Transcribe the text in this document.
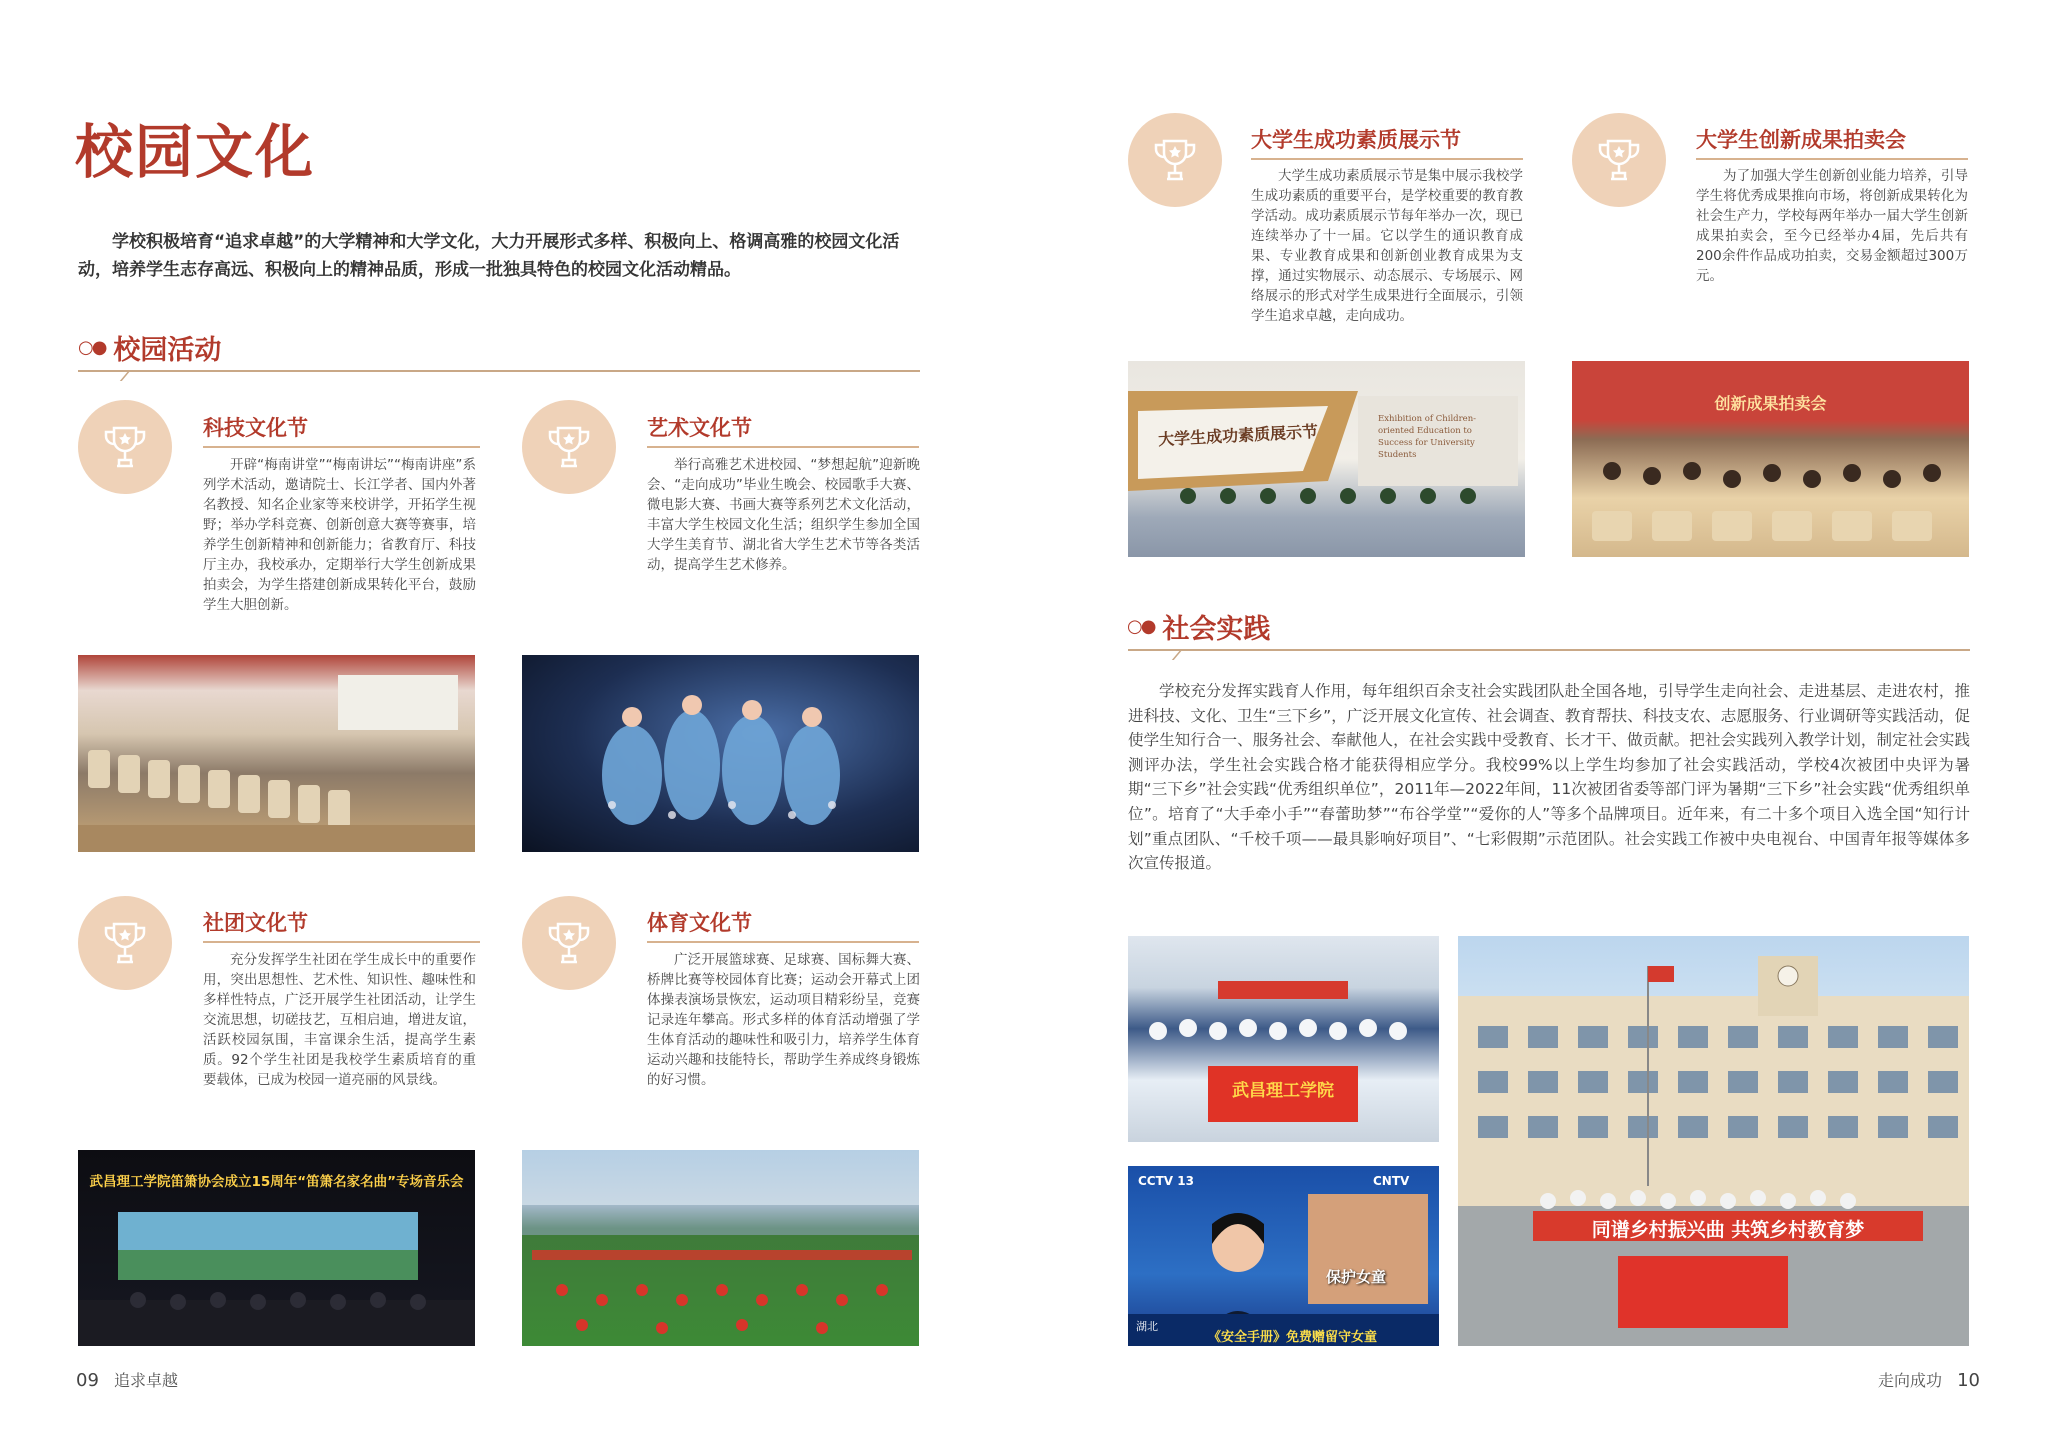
校园文化
学校积极培育“追求卓越”的大学精神和大学文化，大力开展形式多样、积极向上、格调高雅的校园文化活动，培养学生志存高远、积极向上的精神品质，形成一批独具特色的校园文化活动精品。
○● 校园活动
科技文化节
开辟“梅南讲堂”“梅南讲坛”“梅南讲座”系列学术活动，邀请院士、长江学者、国内外著名教授、知名企业家等来校讲学，开拓学生视野；举办学科竞赛、创新创意大赛等赛事，培养学生创新精神和创新能力；省教育厅、科技厅主办，我校承办，定期举行大学生创新成果拍卖会，为学生搭建创新成果转化平台，鼓励学生大胆创新。
艺术文化节
举行高雅艺术进校园、“梦想起航”迎新晚会、“走向成功”毕业生晚会、校园歌手大赛、微电影大赛、书画大赛等系列艺术文化活动，丰富大学生校园文化生活；组织学生参加全国大学生美育节、湖北省大学生艺术节等各类活动，提高学生艺术修养。
社团文化节
充分发挥学生社团在学生成长中的重要作用，突出思想性、艺术性、知识性、趣味性和多样性特点，广泛开展学生社团活动，让学生交流思想，切磋技艺，互相启迪，增进友谊，活跃校园氛围，丰富课余生活，提高学生素质。92个学生社团是我校学生素质培育的重要载体，已成为校园一道亮丽的风景线。
体育文化节
广泛开展篮球赛、足球赛、国标舞大赛、桥牌比赛等校园体育比赛；运动会开幕式上团体操表演场景恢宏，运动项目精彩纷呈，竞赛记录连年攀高。形式多样的体育活动增强了学生体育活动的趣味性和吸引力，培养学生体育运动兴趣和技能特长，帮助学生养成终身锻炼的好习惯。
武昌理工学院笛箫协会成立15周年“笛箫名家名曲”专场音乐会
09 追求卓越
大学生成功素质展示节
大学生成功素质展示节是集中展示我校学生成功素质的重要平台，是学校重要的教育教学活动。成功素质展示节每年举办一次，现已连续举办了十一届。它以学生的通识教育成果、专业教育成果和创新创业教育成果为支撑，通过实物展示、动态展示、专场展示、网络展示的形式对学生成果进行全面展示，引领学生追求卓越，走向成功。
大学生创新成果拍卖会
为了加强大学生创新创业能力培养，引导学生将优秀成果推向市场，将创新成果转化为社会生产力，学校每两年举办一届大学生创新成果拍卖会，至今已经举办4届，先后共有200余件作品成功拍卖，交易金额超过300万元。
大学生成功素质展示节
Exhibition of Children-oriented Education to Success for University Students
创新成果拍卖会
○● 社会实践
学校充分发挥实践育人作用，每年组织百余支社会实践团队赴全国各地，引导学生走向社会、走进基层、走进农村，推进科技、文化、卫生“三下乡”，广泛开展文化宣传、社会调查、教育帮扶、科技支农、志愿服务、行业调研等实践活动，促使学生知行合一、服务社会、奉献他人，在社会实践中受教育、长才干、做贡献。把社会实践列入教学计划，制定社会实践测评办法，学生社会实践合格才能获得相应学分。我校99%以上学生均参加了社会实践活动，学校4次被团中央评为暑期“三下乡”社会实践“优秀组织单位”，2011年—2022年间，11次被团省委等部门评为暑期“三下乡”社会实践“优秀组织单位”。培育了“大手牵小手”“春蕾助梦”“布谷学堂”“爱你的人”等多个品牌项目。近年来，有二十多个项目入选全国“知行计划”重点团队、“千校千项——最具影响好项目”、“七彩假期”示范团队。社会实践工作被中央电视台、中国青年报等媒体多次宣传报道。
武昌理工学院
CCTV 13	CNTV
保护女童
湖北
《安全手册》免费赠留守女童
同谱乡村振兴曲 共筑乡村教育梦
走向成功 10
